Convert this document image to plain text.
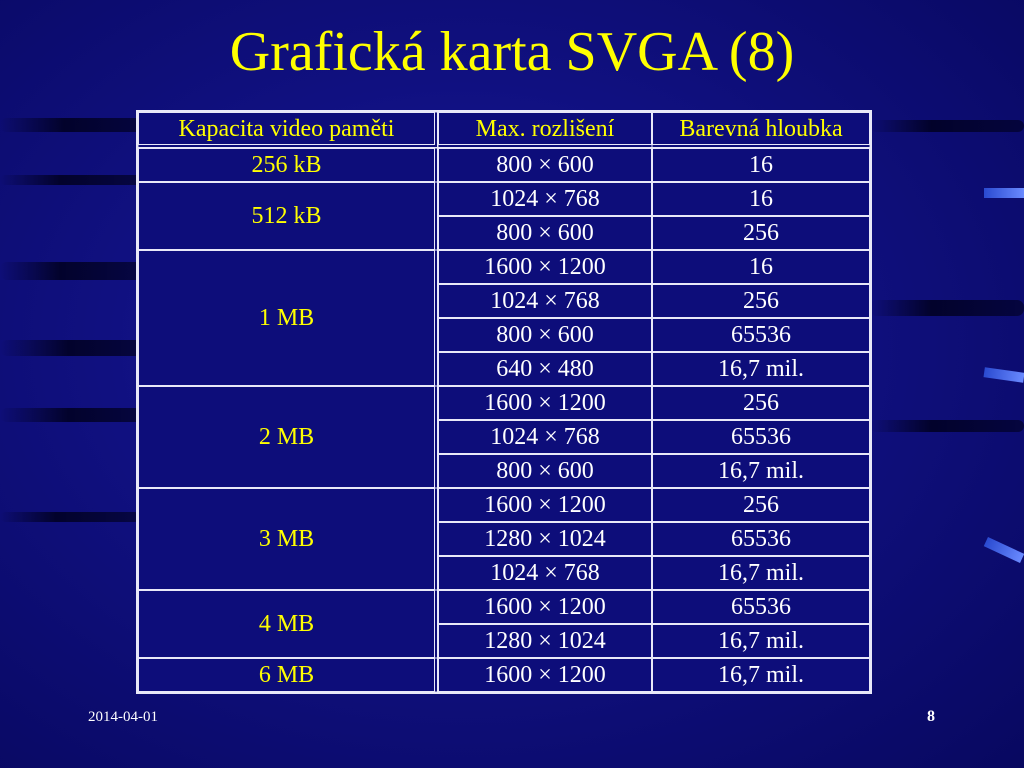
Grafická karta SVGA (8)
Kapacita video paměti	Max. rozlišení	Barevná hloubka
256 kB	800 × 600	16
512 kB	1024 × 768	16
	800 × 600	256
1 MB	1600 × 1200	16
	1024 × 768	256
	800 × 600	65536
	640 × 480	16,7 mil.
2 MB	1600 × 1200	256
	1024 × 768	65536
	800 × 600	16,7 mil.
3 MB	1600 × 1200	256
	1280 × 1024	65536
	1024 × 768	16,7 mil.
4 MB	1600 × 1200	65536
	1280 × 1024	16,7 mil.
6 MB	1600 × 1200	16,7 mil.
2014-04-01	8
